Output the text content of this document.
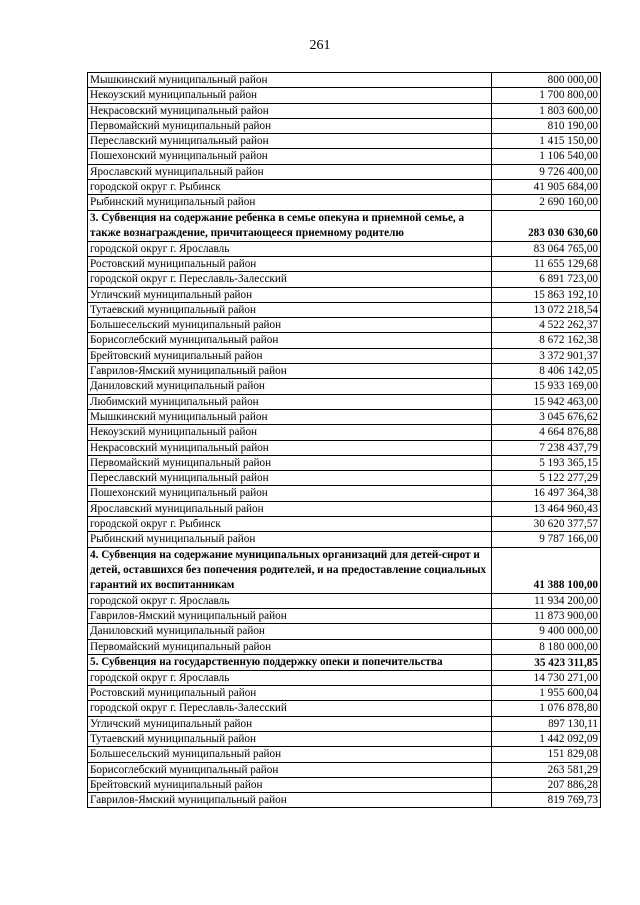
261
Мышкинский муниципальный район	800 000,00
Некоузский муниципальный район	1 700 800,00
Некрасовский муниципальный район	1 803 600,00
Первомайский муниципальный район	810 190,00
Переславский муниципальный район	1 415 150,00
Пошехонский муниципальный район	1 106 540,00
Ярославский муниципальный район	9 726 400,00
городской округ г. Рыбинск	41 905 684,00
Рыбинский муниципальный район	2 690 160,00
3. Субвенция на содержание ребенка в семье опекуна и приемной семье, а также вознаграждение, причитающееся приемному родителю	283 030 630,60
городской округ г. Ярославль	83 064 765,00
Ростовский муниципальный район	11 655 129,68
городской округ г. Переславль-Залесский	6 891 723,00
Угличский муниципальный район	15 863 192,10
Тутаевский муниципальный район	13 072 218,54
Большесельский муниципальный район	4 522 262,37
Борисоглебский муниципальный район	8 672 162,38
Брейтовский муниципальный район	3 372 901,37
Гаврилов-Ямский муниципальный район	8 406 142,05
Даниловский муниципальный район	15 933 169,00
Любимский муниципальный район	15 942 463,00
Мышкинский муниципальный район	3 045 676,62
Некоузский муниципальный район	4 664 876,88
Некрасовский муниципальный район	7 238 437,79
Первомайский муниципальный район	5 193 365,15
Переславский муниципальный район	5 122 277,29
Пошехонский муниципальный район	16 497 364,38
Ярославский муниципальный район	13 464 960,43
городской округ г. Рыбинск	30 620 377,57
Рыбинский муниципальный район	9 787 166,00
4. Субвенция на содержание муниципальных организаций для детей-сирот и детей, оставшихся без попечения родителей, и на предоставление социальных гарантий их воспитанникам	41 388 100,00
городской округ г. Ярославль	11 934 200,00
Гаврилов-Ямский муниципальный район	11 873 900,00
Даниловский муниципальный район	9 400 000,00
Первомайский муниципальный район	8 180 000,00
5. Субвенция на государственную поддержку опеки и попечительства	35 423 311,85
городской округ г. Ярославль	14 730 271,00
Ростовский муниципальный район	1 955 600,04
городской округ г. Переславль-Залесский	1 076 878,80
Угличский муниципальный район	897 130,11
Тутаевский муниципальный район	1 442 092,09
Большесельский муниципальный район	151 829,08
Борисоглебский муниципальный район	263 581,29
Брейтовский муниципальный район	207 886,28
Гаврилов-Ямский муниципальный район	819 769,73
